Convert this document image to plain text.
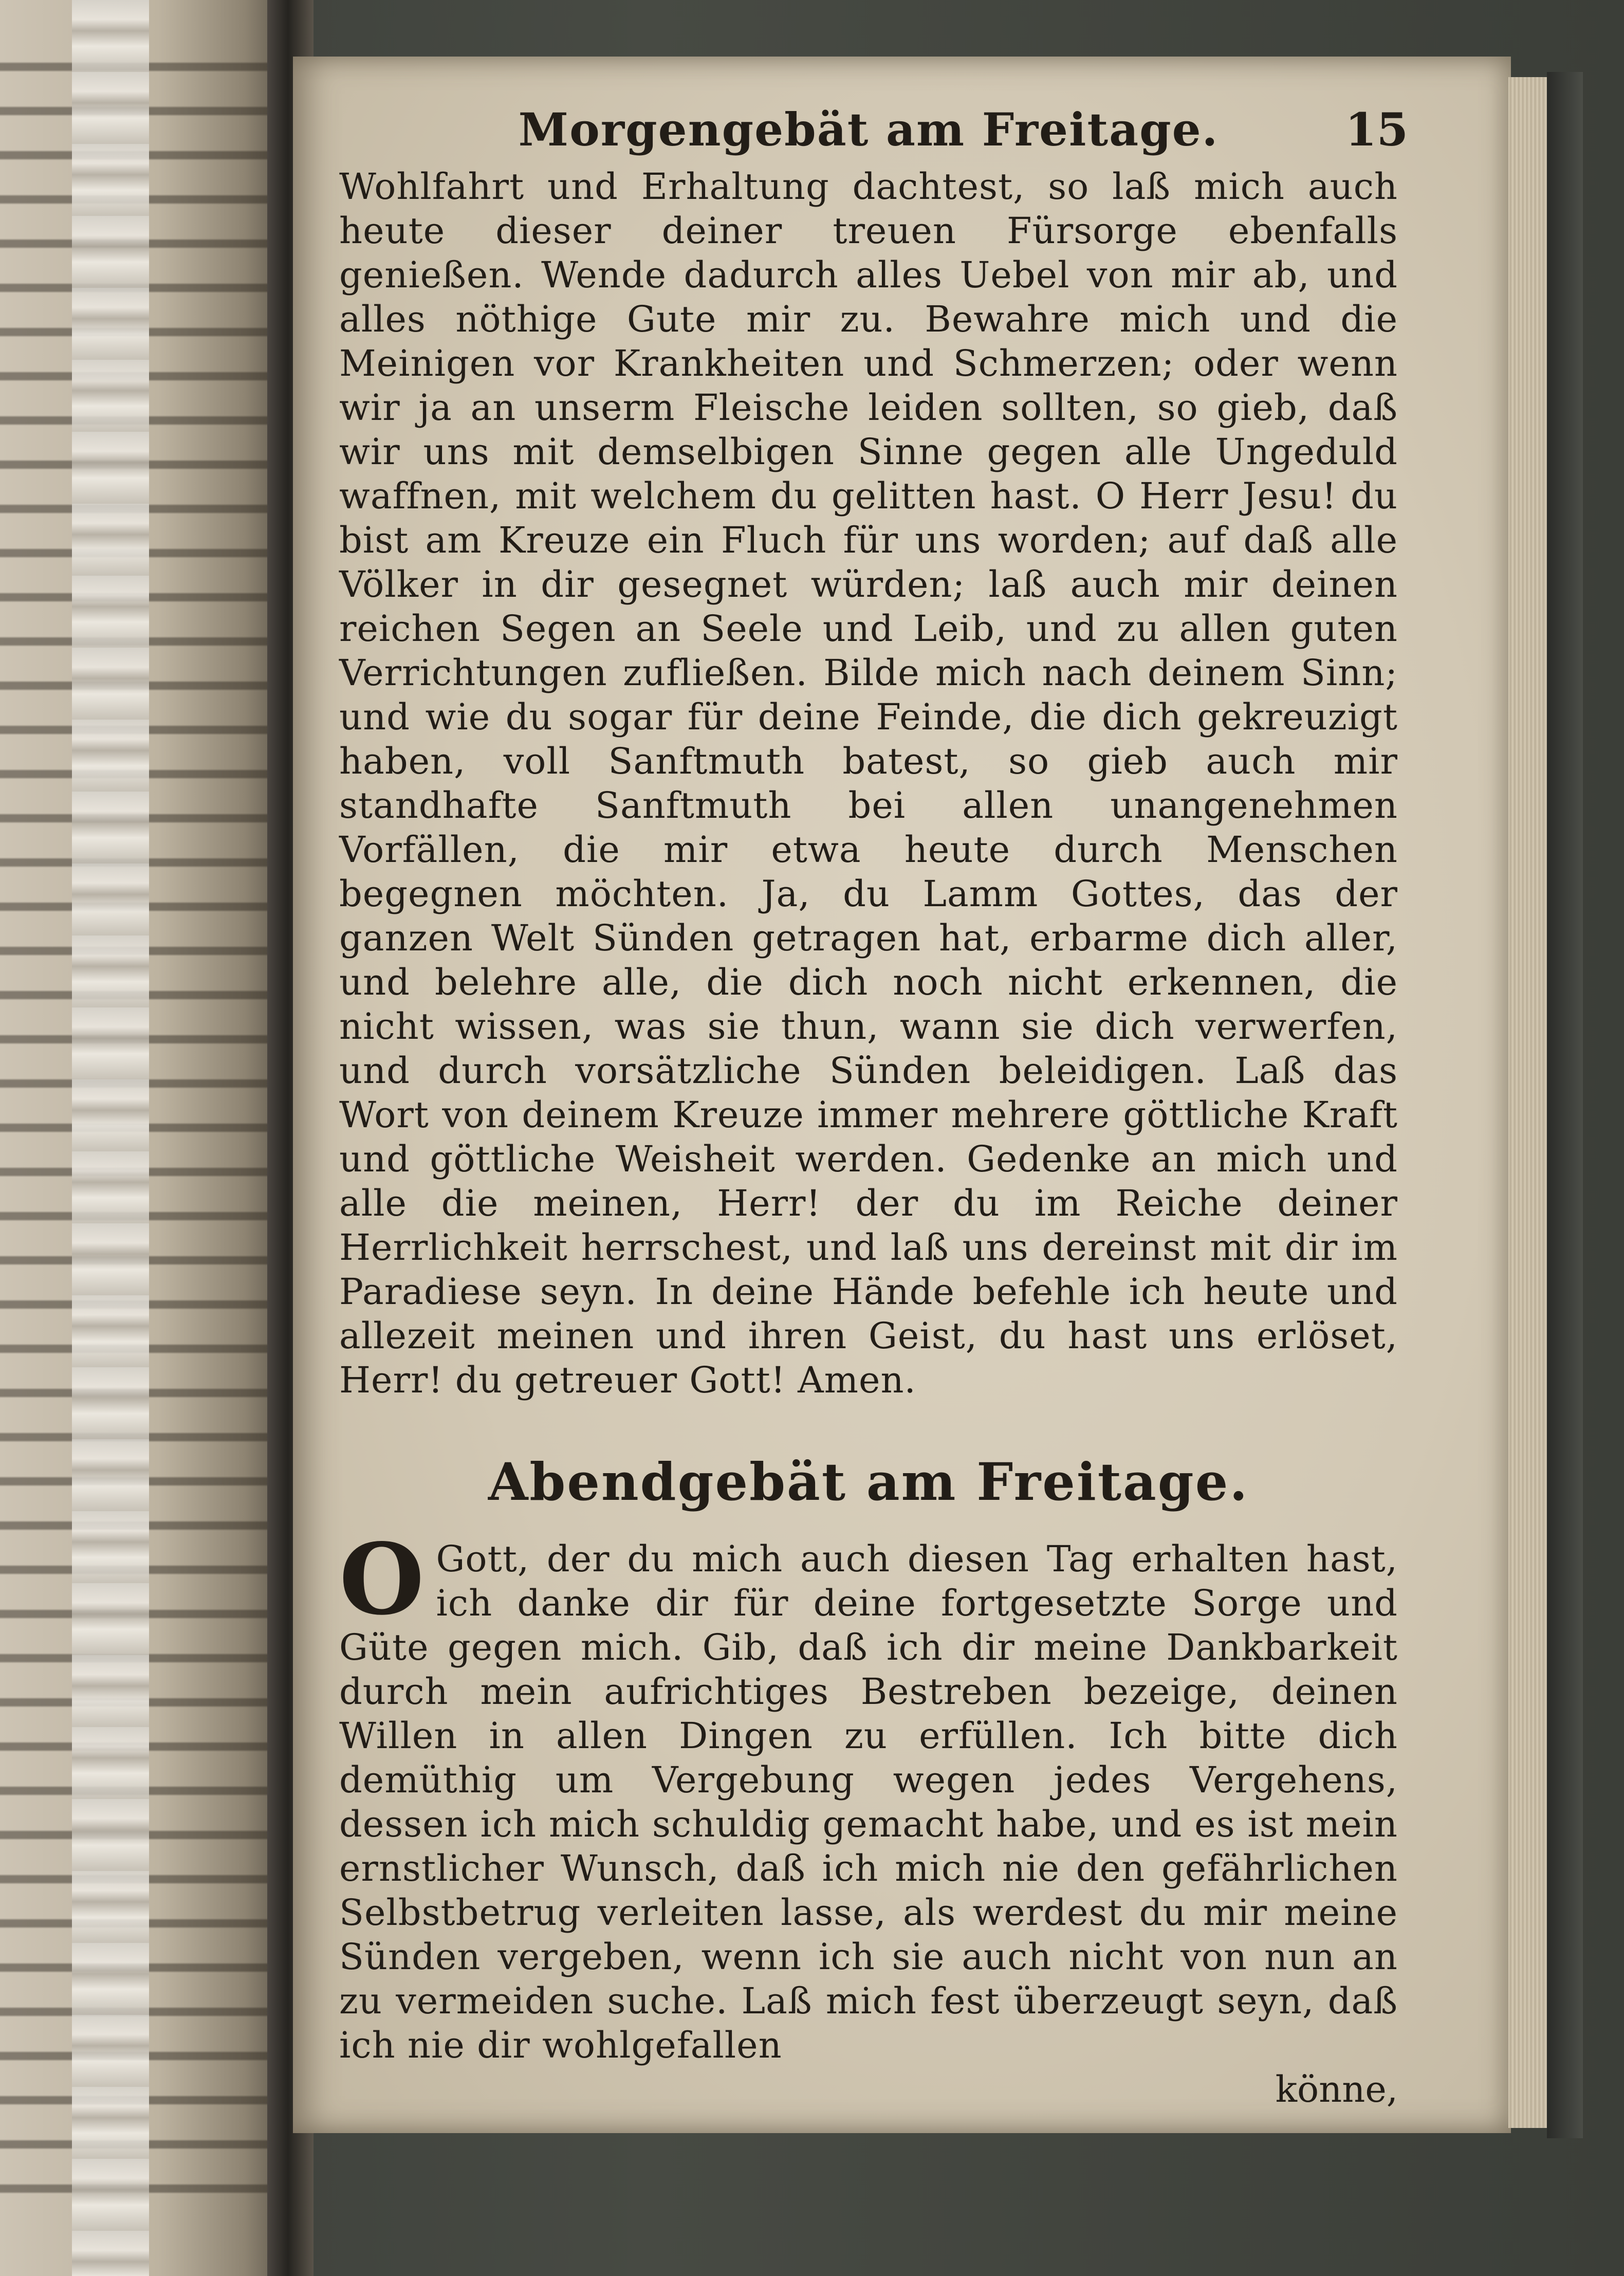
Morgengebät am Freitage.	15

Wohlfahrt und Erhaltung dachtest, so laß mich auch heute dieser deiner treuen Fürsorge ebenfalls genießen. Wende dadurch alles Uebel von mir ab, und alles nöthige Gute mir zu. Bewahre mich und die Meinigen vor Krankheiten und Schmerzen; oder wenn wir ja an unserm Fleische leiden sollten, so gieb, daß wir uns mit demselbigen Sinne gegen alle Ungeduld waffnen, mit welchem du gelitten hast. O Herr Jesu! du bist am Kreuze ein Fluch für uns worden; auf daß alle Völker in dir gesegnet würden; laß auch mir deinen reichen Segen an Seele und Leib, und zu allen guten Verrichtungen zufließen. Bilde mich nach deinem Sinn; und wie du sogar für deine Feinde, die dich gekreuzigt haben, voll Sanftmuth batest, so gieb auch mir standhafte Sanftmuth bei allen unangenehmen Vorfällen, die mir etwa heute durch Menschen begegnen möchten. Ja, du Lamm Gottes, das der ganzen Welt Sünden getragen hat, erbarme dich aller, und belehre alle, die dich noch nicht erkennen, die nicht wissen, was sie thun, wann sie dich verwerfen, und durch vorsätzliche Sünden beleidigen. Laß das Wort von deinem Kreuze immer mehrere göttliche Kraft und göttliche Weisheit werden. Gedenke an mich und alle die meinen, Herr! der du im Reiche deiner Herrlichkeit herrschest, und laß uns dereinst mit dir im Paradiese seyn. In deine Hände befehle ich heute und allezeit meinen und ihren Geist, du hast uns erlöset, Herr! du getreuer Gott! Amen.

Abendgebät am Freitage.

O Gott, der du mich auch diesen Tag erhalten hast, ich danke dir für deine fortgesetzte Sorge und Güte gegen mich. Gib, daß ich dir meine Dankbarkeit durch mein aufrichtiges Bestreben bezeige, deinen Willen in allen Dingen zu erfüllen. Ich bitte dich demüthig um Vergebung wegen jedes Vergehens, dessen ich mich schuldig gemacht habe, und es ist mein ernstlicher Wunsch, daß ich mich nie den gefährlichen Selbstbetrug verleiten lasse, als werdest du mir meine Sünden vergeben, wenn ich sie auch nicht von nun an zu vermeiden suche. Laß mich fest überzeugt seyn, daß ich nie dir wohlgefallen

könne,
